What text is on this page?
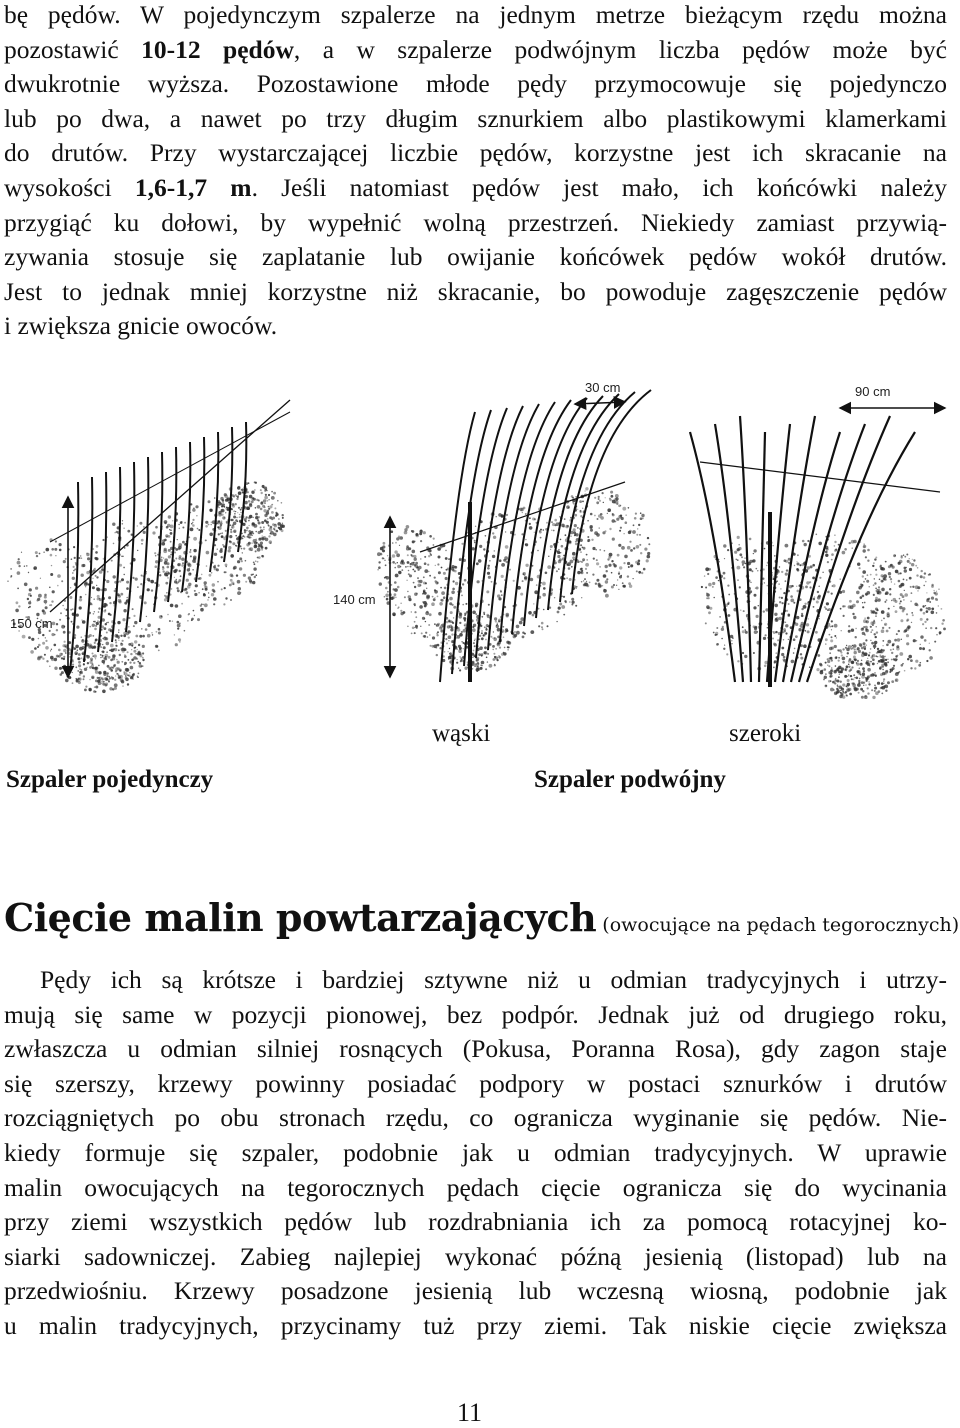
bę pędów. W pojedynczym szpalerze na jednym metrze bieżącym rzędu można
pozostawić 10-12 pędów, a w szpalerze podwójnym liczba pędów może być
dwukrotnie wyższa. Pozostawione młode pędy przymocowuje się pojedynczo
lub po dwa, a nawet po trzy długim sznurkiem albo plastikowymi klamerkami
do drutów. Przy wystarczającej liczbie pędów, korzystne jest ich skracanie na
wysokości 1,6-1,7 m. Jeśli natomiast pędów jest mało, ich końcówki należy
przygiąć ku dołowi, by wypełnić wolną przestrzeń. Niekiedy zamiast przywią-
zywania stosuje się zaplatanie lub owijanie końcówek pędów wokół drutów.
Jest to jednak mniej korzystne niż skracanie, bo powoduje zagęszczenie pędów
i zwiększa gnicie owoców.
150 cm
140 cm
30 cm	90 cm
wąski	szeroki
Szpaler pojedynczy	Szpaler podwójny
Cięcie malin powtarzających (owocujące na pędach tegorocznych)
Pędy ich są krótsze i bardziej sztywne niż u odmian tradycyjnych i utrzy-
mują się same w pozycji pionowej, bez podpór. Jednak już od drugiego roku,
zwłaszcza u odmian silniej rosnących (Pokusa, Poranna Rosa), gdy zagon staje
się szerszy, krzewy powinny posiadać podpory w postaci sznurków i drutów
rozciągniętych po obu stronach rzędu, co ogranicza wyginanie się pędów. Nie-
kiedy formuje się szpaler, podobnie jak u odmian tradycyjnych. W uprawie
malin owocujących na tegorocznych pędach cięcie ogranicza się do wycinania
przy ziemi wszystkich pędów lub rozdrabniania ich za pomocą rotacyjnej ko-
siarki sadowniczej. Zabieg najlepiej wykonać późną jesienią (listopad) lub na
przedwiośniu. Krzewy posadzone jesienią lub wczesną wiosną, podobnie jak
u malin tradycyjnych, przycinamy tuż przy ziemi. Tak niskie cięcie zwiększa
11
